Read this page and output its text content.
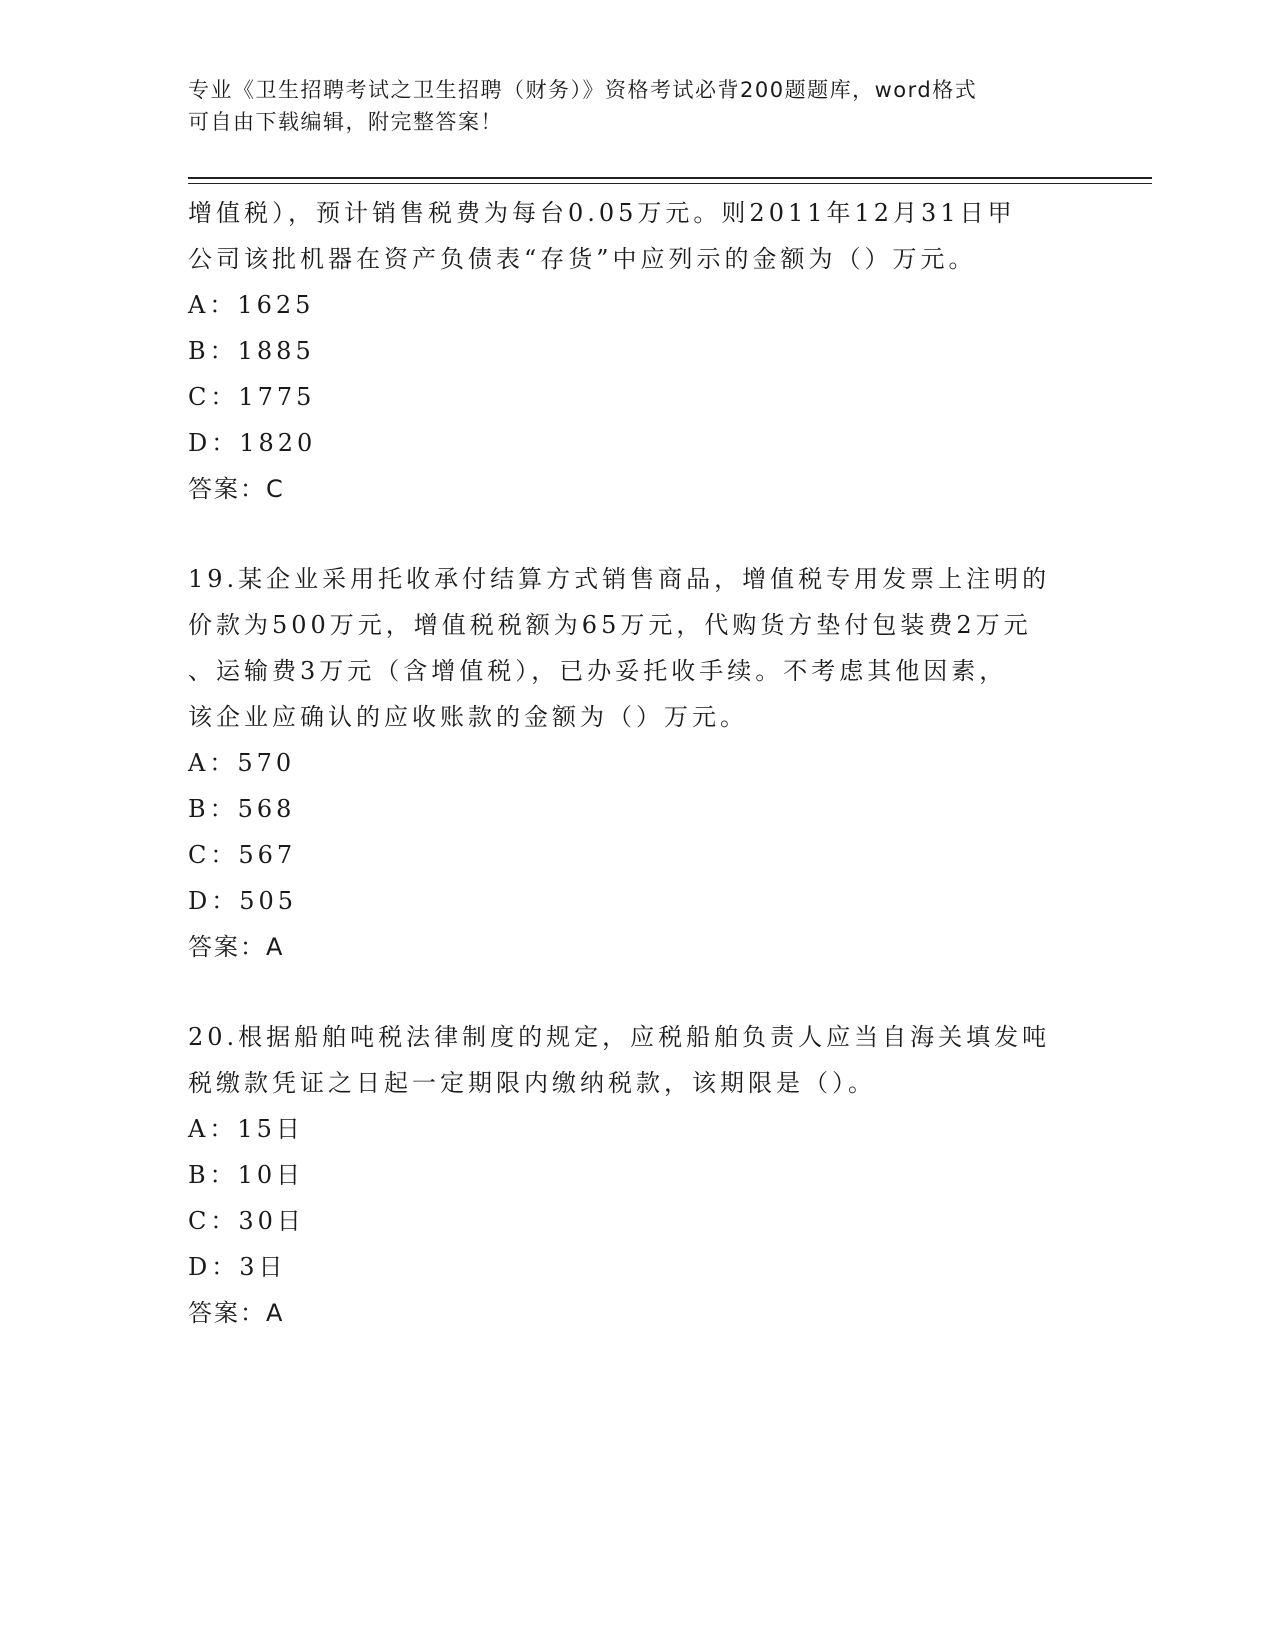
专业《卫生招聘考试之卫生招聘（财务）》资格考试必背200题题库，word格式
可自由下载编辑，附完整答案！
增值税），预计销售税费为每台0.05万元。则2011年12月31日甲
公司该批机器在资产负债表“存货”中应列示的金额为（）万元。
A：1625
B：1885
C：1775
D：1820
答案：C
19.某企业采用托收承付结算方式销售商品，增值税专用发票上注明的
价款为500万元，增值税税额为65万元，代购货方垫付包装费2万元
、运输费3万元（含增值税），已办妥托收手续。不考虑其他因素，
该企业应确认的应收账款的金额为（）万元。
A：570
B：568
C：567
D：505
答案：A
20.根据船舶吨税法律制度的规定，应税船舶负责人应当自海关填发吨
税缴款凭证之日起一定期限内缴纳税款，该期限是（）。
A：15日
B：10日
C：30日
D：3日
答案：A
